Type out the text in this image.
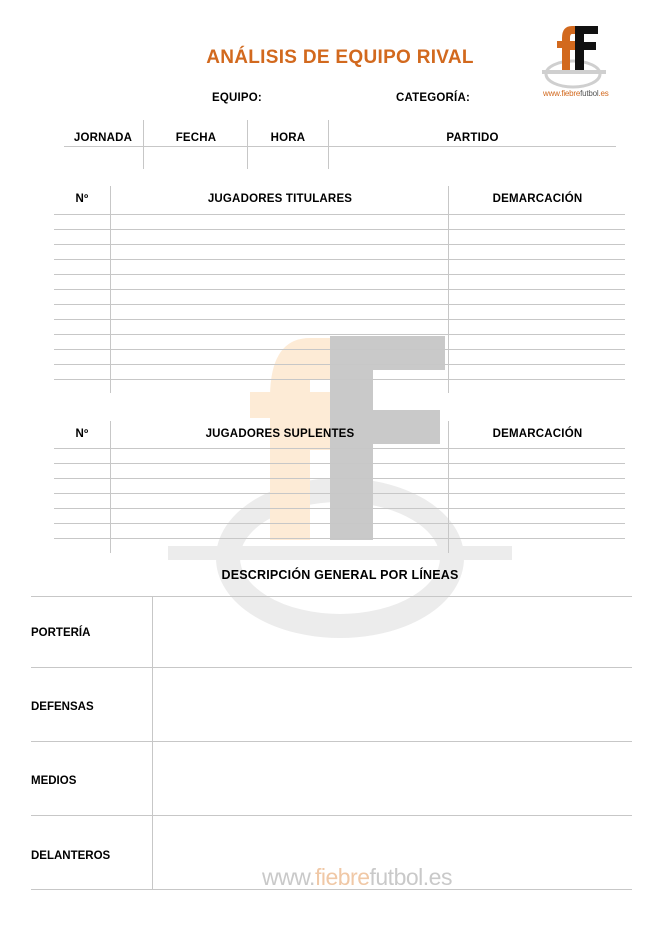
ANÁLISIS DE EQUIPO RIVAL
www.fiebrefutbol.es
EQUIPO:	CATEGORÍA:
JORNADA	FECHA	HORA	PARTIDO
Nº	JUGADORES TITULARES	DEMARCACIÓN
Nº	JUGADORES SUPLENTES	DEMARCACIÓN
DESCRIPCIÓN GENERAL POR LÍNEAS
PORTERÍA
DEFENSAS
MEDIOS
DELANTEROS
www.fiebrefutbol.es
